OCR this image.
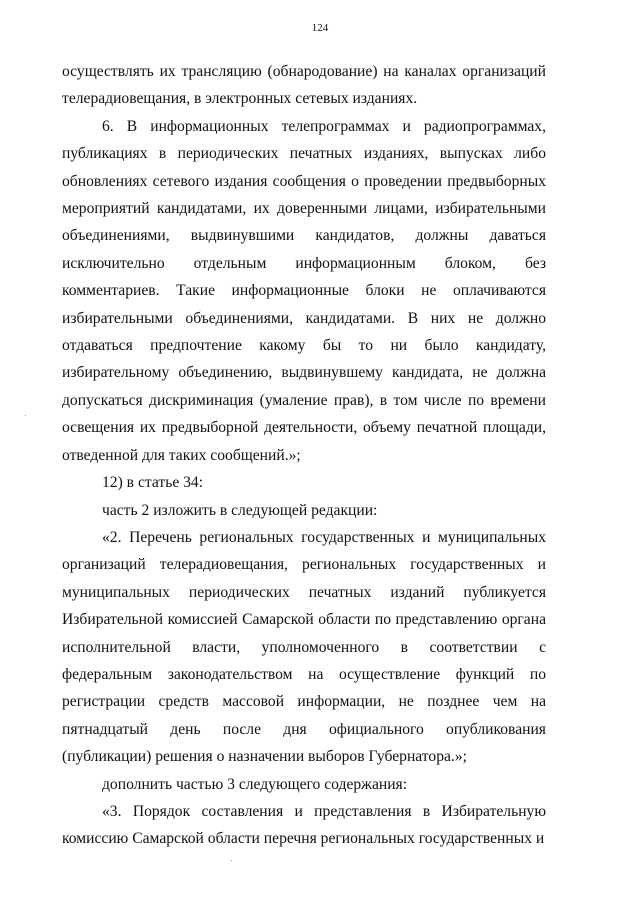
124

осуществлять их трансляцию (обнародование) на каналах организаций телерадиовещания, в электронных сетевых изданиях.

6. В информационных телепрограммах и радиопрограммах, публикациях в периодических печатных изданиях, выпусках либо обновлениях сетевого издания сообщения о проведении предвыборных мероприятий кандидатами, их доверенными лицами, избирательными объединениями, выдвинувшими кандидатов, должны даваться исключительно отдельным информационным блоком, без комментариев. Такие информационные блоки не оплачиваются избирательными объединениями, кандидатами. В них не должно отдаваться предпочтение какому бы то ни было кандидату, избирательному объединению, выдвинувшему кандидата, не должна допускаться дискриминация (умаление прав), в том числе по времени освещения их предвыборной деятельности, объему печатной площади, отведенной для таких сообщений.»;

12) в статье 34:

часть 2 изложить в следующей редакции:

«2. Перечень региональных государственных и муниципальных организаций телерадиовещания, региональных государственных и муниципальных периодических печатных изданий публикуется Избирательной комиссией Самарской области по представлению органа исполнительной власти, уполномоченного в соответствии с федеральным законодательством на осуществление функций по регистрации средств массовой информации, не позднее чем на пятнадцатый день после дня официального опубликования (публикации) решения о назначении выборов Губернатора.»;

дополнить частью 3 следующего содержания:

«3. Порядок составления и представления в Избирательную комиссию Самарской области перечня региональных государственных и
